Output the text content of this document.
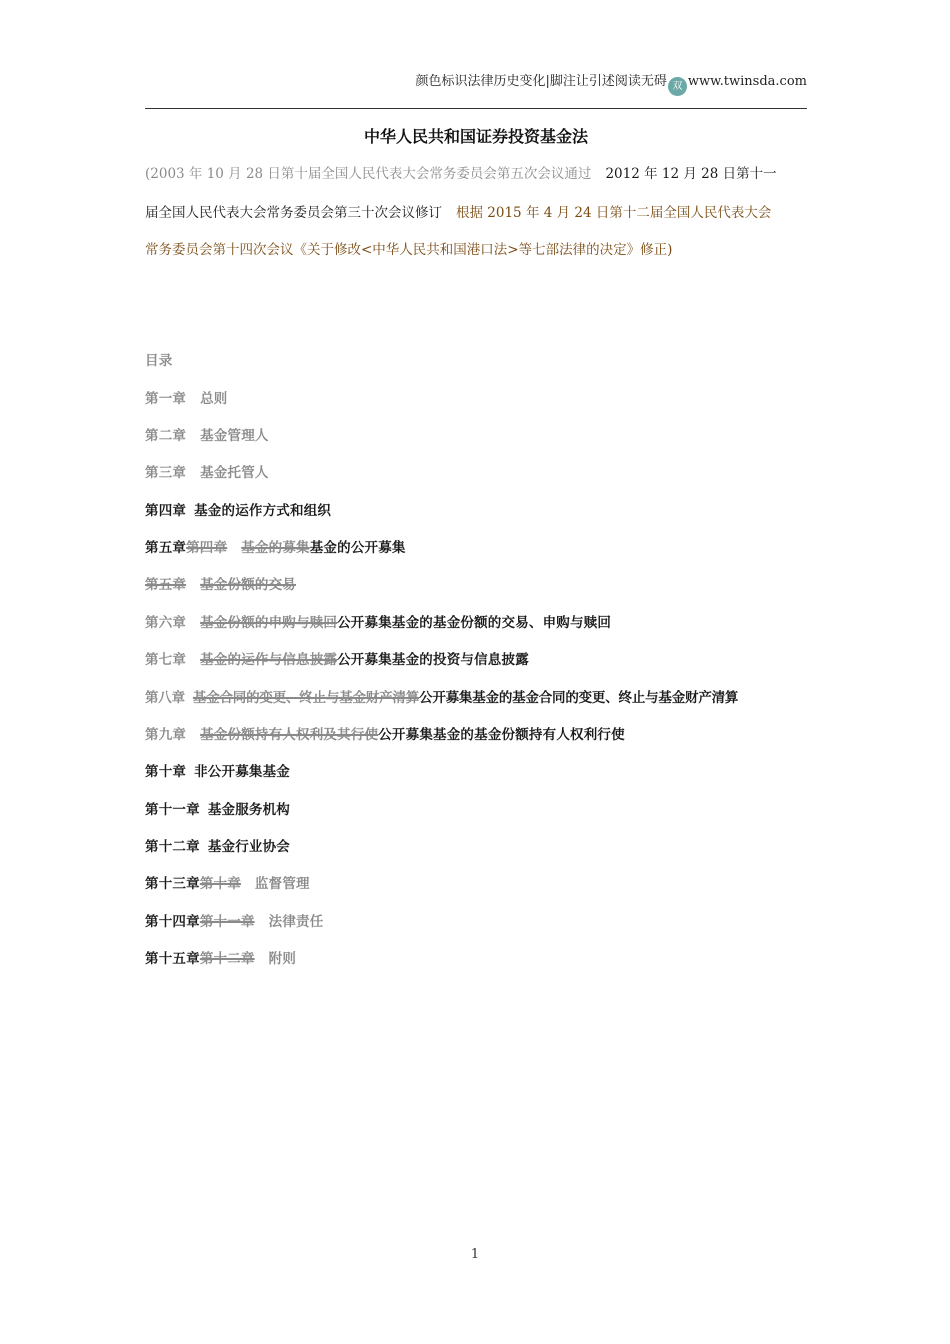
颜色标识法律历史变化|脚注让引述阅读无碍 双 www.twinsda.com
中华人民共和国证券投资基金法
(2003 年 10 月 28 日第十届全国人民代表大会常务委员会第五次会议通过 2012 年 12 月 28 日第十一
届全国人民代表大会常务委员会第三十次会议修订 根据 2015 年 4 月 24 日第十二届全国人民代表大会
常务委员会第十四次会议《关于修改<中华人民共和国港口法>等七部法律的决定》修正)
目录
第一章 总则
第二章 基金管理人
第三章 基金托管人
第四章 基金的运作方式和组织
第五章第四章 基金的募集基金的公开募集
第五章 基金份额的交易
第六章 基金份额的申购与赎回公开募集基金的基金份额的交易、申购与赎回
第七章 基金的运作与信息披露公开募集基金的投资与信息披露
第八章 基金合同的变更、终止与基金财产清算公开募集基金的基金合同的变更、终止与基金财产清算
第九章 基金份额持有人权利及其行使公开募集基金的基金份额持有人权利行使
第十章 非公开募集基金
第十一章 基金服务机构
第十二章 基金行业协会
第十三章第十章 监督管理
第十四章第十一章 法律责任
第十五章第十二章 附则
1
